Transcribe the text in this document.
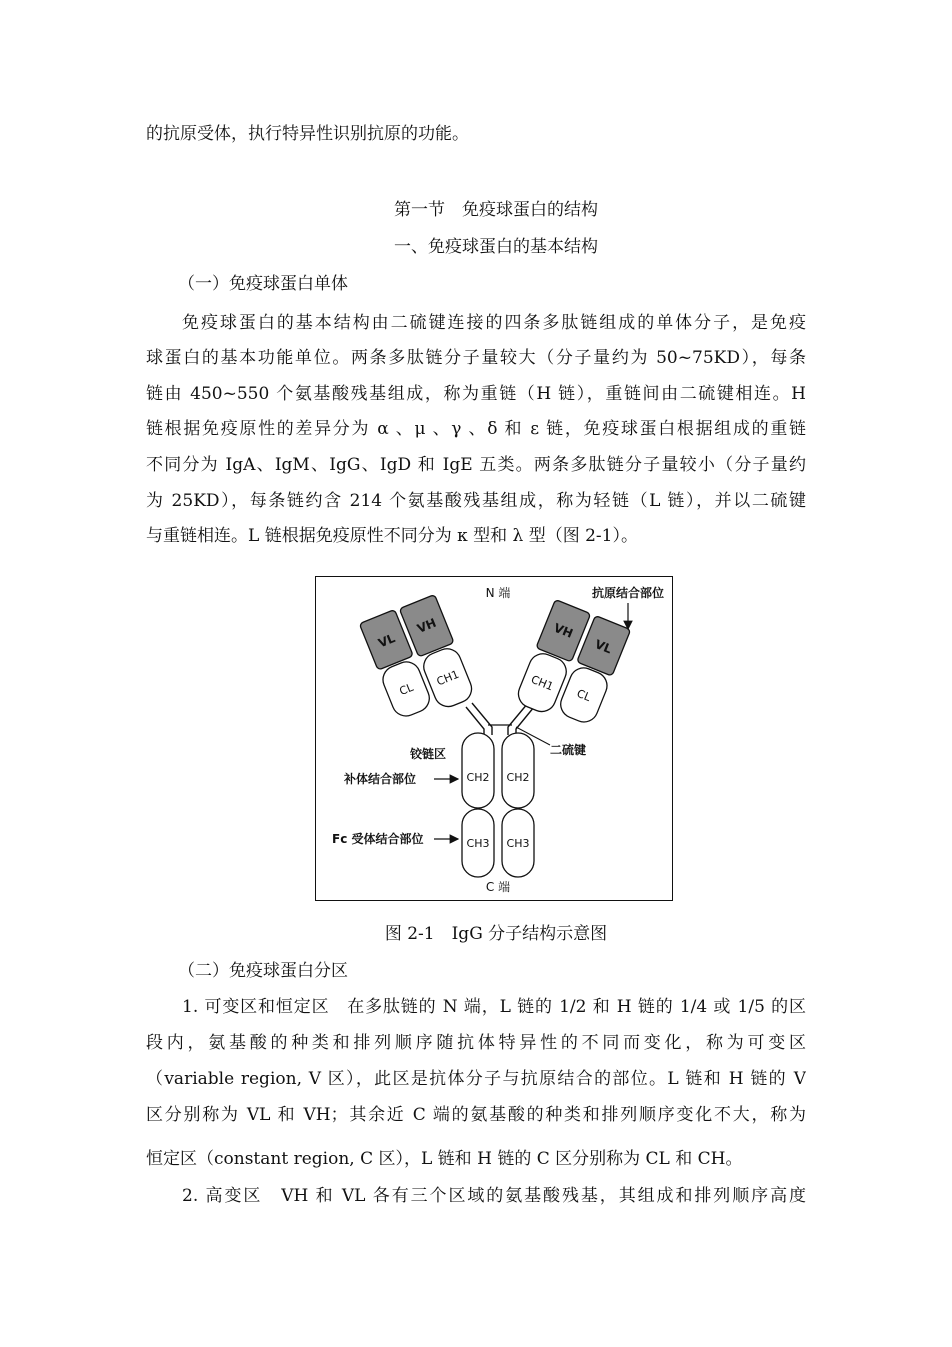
的抗原受体，执行特异性识别抗原的功能。
第一节　免疫球蛋白的结构
一、免疫球蛋白的基本结构
（一）免疫球蛋白单体
免疫球蛋白的基本结构由二硫键连接的四条多肽链组成的单体分子，是免疫
球蛋白的基本功能单位。两条多肽链分子量较大（分子量约为 50~75KD），每条
链由 450~550 个氨基酸残基组成，称为重链（H 链），重链间由二硫键相连。H
链根据免疫原性的差异分为 α 、μ 、γ 、δ 和 ε 链，免疫球蛋白根据组成的重链
不同分为 IgA、IgM、IgG、IgD 和 IgE 五类。两条多肽链分子量较小（分子量约
为 25KD），每条链约含 214 个氨基酸残基组成，称为轻链（L 链），并以二硫键
与重链相连。L 链根据免疫原性不同分为 κ 型和 λ 型（图 2-1）。
VL
CL
VH
CH1
VH
CH1
VL
CL
CH2 CH2
CH3 CH3
N 端
C 端
抗原结合部位
铰链区	二硫键
补体结合部位
Fc 受体结合部位
图 2-1　IgG 分子结构示意图
（二）免疫球蛋白分区
1. 可变区和恒定区　在多肽链的 N 端，L 链的 1/2 和 H 链的 1/4 或 1/5 的区
段内，氨基酸的种类和排列顺序随抗体特异性的不同而变化，称为可变区
（variable region, V 区），此区是抗体分子与抗原结合的部位。L 链和 H 链的 V
区分别称为 VL 和 VH；其余近 C 端的氨基酸的种类和排列顺序变化不大，称为
恒定区（constant region, C 区），L 链和 H 链的 C 区分别称为 CL 和 CH。
2. 高变区　VH 和 VL 各有三个区域的氨基酸残基，其组成和排列顺序高度
